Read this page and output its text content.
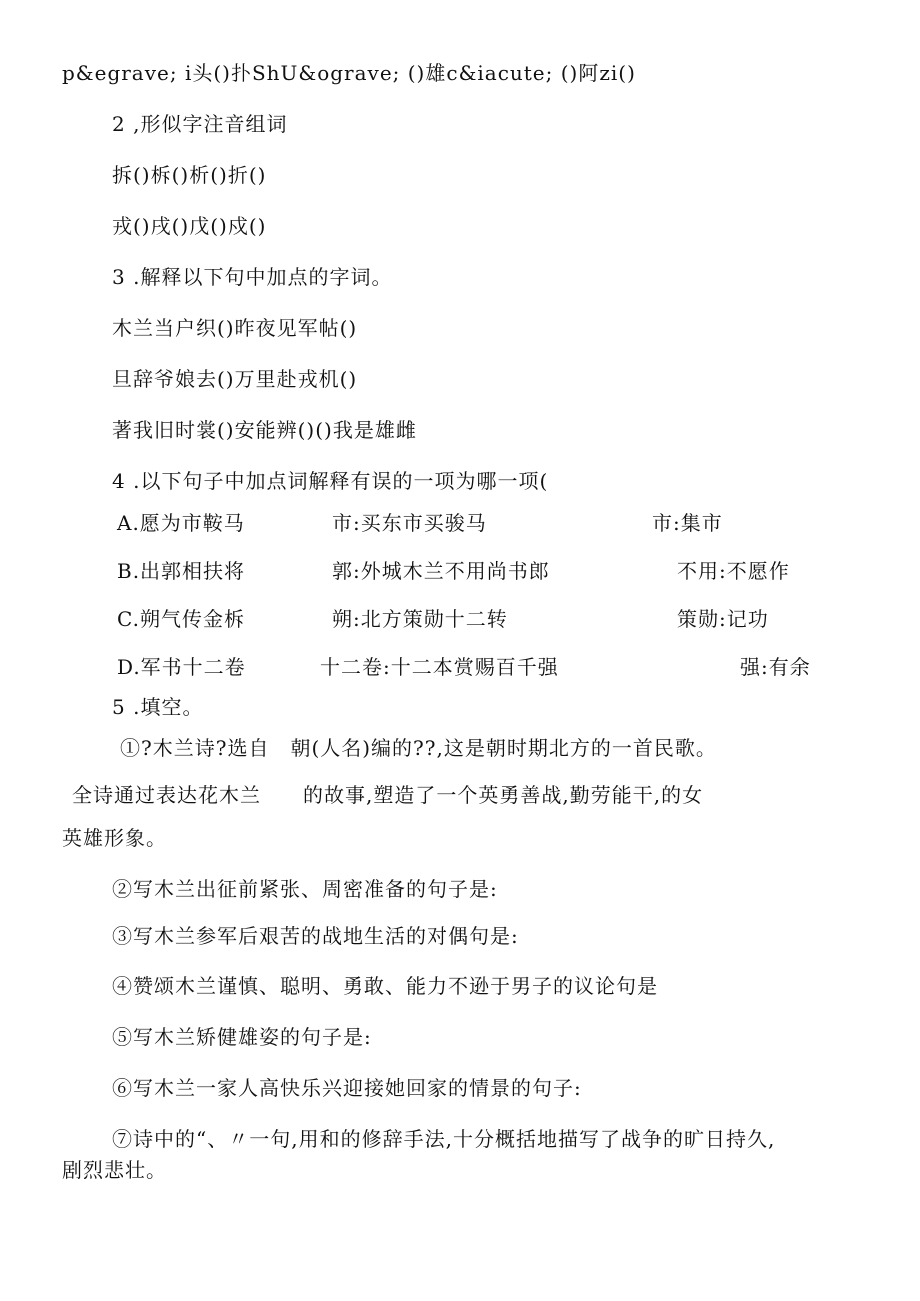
p&egrave; i头()扑ShU&ograve; ()雄c&iacute; ()阿zi()
2 ,形似字注音组词
拆()柝()析()折()
戎()戌()戊()戍()
3 .解释以下句中加点的字词。
木兰当户织()昨夜见军帖()
旦辞爷娘去()万里赴戎机()
著我旧时裳()安能辨()()我是雄雌
4 .以下句子中加点词解释有误的一项为哪一项(
A.愿为市鞍马	市:买东市买骏马	市:集市
B.出郭相扶将	郭:外城木兰不用尚书郎	不用:不愿作
C.朔气传金柝	朔:北方策勋十二转	策勋:记功
D.军书十二卷	十二卷:十二本赏赐百千强	强:有余
5 .填空。
①?木兰诗?选自　朝(人名)编的??,这是朝时期北方的一首民歌。
全诗通过表达花木兰　　的故事,塑造了一个英勇善战,勤劳能干,的女
英雄形象。
②写木兰出征前紧张、周密准备的句子是:
③写木兰参军后艰苦的战地生活的对偶句是:
④赞颂木兰谨慎、聪明、勇敢、能力不逊于男子的议论句是
⑤写木兰矫健雄姿的句子是:
⑥写木兰一家人高快乐兴迎接她回家的情景的句子:
⑦诗中的“、〃一句,用和的修辞手法,十分概括地描写了战争的旷日持久,
剧烈悲壮。
